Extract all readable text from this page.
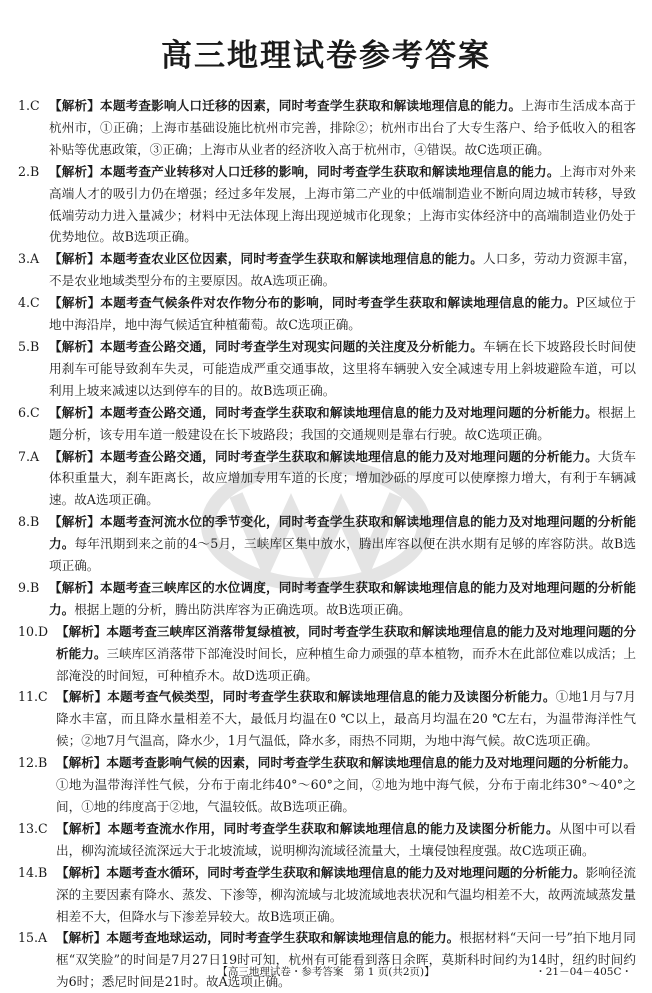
高三地理试卷参考答案
1.C 【解析】本题考查影响人口迁移的因素，同时考查学生获取和解读地理信息的能力。上海市生活成本高于杭州市，①正确；上海市基础设施比杭州市完善，排除②；杭州市出台了大专生落户、给予低收入的租客补贴等优惠政策，③正确；上海市从业者的经济收入高于杭州市，④错误。故C选项正确。
2.B 【解析】本题考查产业转移对人口迁移的影响，同时考查学生获取和解读地理信息的能力。上海市对外来高端人才的吸引力仍在增强；经过多年发展，上海市第二产业的中低端制造业不断向周边城市转移，导致低端劳动力进入量减少；材料中无法体现上海出现逆城市化现象；上海市实体经济中的高端制造业仍处于优势地位。故B选项正确。
3.A 【解析】本题考查农业区位因素，同时考查学生获取和解读地理信息的能力。人口多，劳动力资源丰富，不是农业地域类型分布的主要原因。故A选项正确。
4.C 【解析】本题考查气候条件对农作物分布的影响，同时考查学生获取和解读地理信息的能力。P区域位于地中海沿岸，地中海气候适宜种植葡萄。故C选项正确。
5.B 【解析】本题考查公路交通，同时考查学生对现实问题的关注度及分析能力。车辆在长下坡路段长时间使用刹车可能导致刹车失灵，可能造成严重交通事故，这里将车辆驶入安全减速专用上斜坡避险车道，可以利用上坡来减速以达到停车的目的。故B选项正确。
6.C 【解析】本题考查公路交通，同时考查学生获取和解读地理信息的能力及对地理问题的分析能力。根据上题分析，该专用车道一般建设在长下坡路段；我国的交通规则是靠右行驶。故C选项正确。
7.A 【解析】本题考查公路交通，同时考查学生获取和解读地理信息的能力及对地理问题的分析能力。大货车体积重量大，刹车距离长，故应增加专用车道的长度；增加沙砾的厚度可以使摩擦力增大，有利于车辆减速。故A选项正确。
8.B 【解析】本题考查河流水位的季节变化，同时考查学生获取和解读地理信息的能力及对地理问题的分析能力。每年汛期到来之前的4～5月，三峡库区集中放水，腾出库容以便在洪水期有足够的库容防洪。故B选项正确。
9.B 【解析】本题考查三峡库区的水位调度，同时考查学生获取和解读地理信息的能力及对地理问题的分析能力。根据上题的分析，腾出防洪库容为正确选项。故B选项正确。
10.D 【解析】本题考查三峡库区消落带复绿植被，同时考查学生获取和解读地理信息的能力及对地理问题的分析能力。三峡库区消落带下部淹没时间长，应种植生命力顽强的草本植物，而乔木在此部位难以成活；上部淹没的时间短，可种植乔木。故D选项正确。
11.C 【解析】本题考查气候类型，同时考查学生获取和解读地理信息的能力及读图分析能力。①地1月与7月降水丰富，而且降水量相差不大，最低月均温在0 ℃以上，最高月均温在20 ℃左右，为温带海洋性气候；②地7月气温高，降水少，1月气温低，降水多，雨热不同期，为地中海气候。故C选项正确。
12.B 【解析】本题考查影响气候的因素，同时考查学生获取和解读地理信息的能力及对地理问题的分析能力。①地为温带海洋性气候，分布于南北纬40°～60°之间，②地为地中海气候，分布于南北纬30°～40°之间，①地的纬度高于②地，气温较低。故B选项正确。
13.C 【解析】本题考查流水作用，同时考查学生获取和解读地理信息的能力及读图分析能力。从图中可以看出，柳沟流域径流深远大于北坡流域，说明柳沟流域径流量大，土壤侵蚀程度强。故C选项正确。
14.B 【解析】本题考查水循环，同时考查学生获取和解读地理信息的能力及对地理问题的分析能力。影响径流深的主要因素有降水、蒸发、下渗等，柳沟流域与北坡流域地表状况和气温均相差不大，故两流域蒸发量相差不大，但降水与下渗差异较大。故B选项正确。
15.A 【解析】本题考查地球运动，同时考查学生获取和解读地理信息的能力。根据材料“天问一号”拍下地月同框“双笑脸”的时间是7月27日19时可知，杭州有可能看到落日余晖，莫斯科时间约为14时，纽约时间约为6时；悉尼时间是21时。故A选项正确。
【高三地理试卷・参考答案　第 1 页(共2页)】	・21－04－405C・
